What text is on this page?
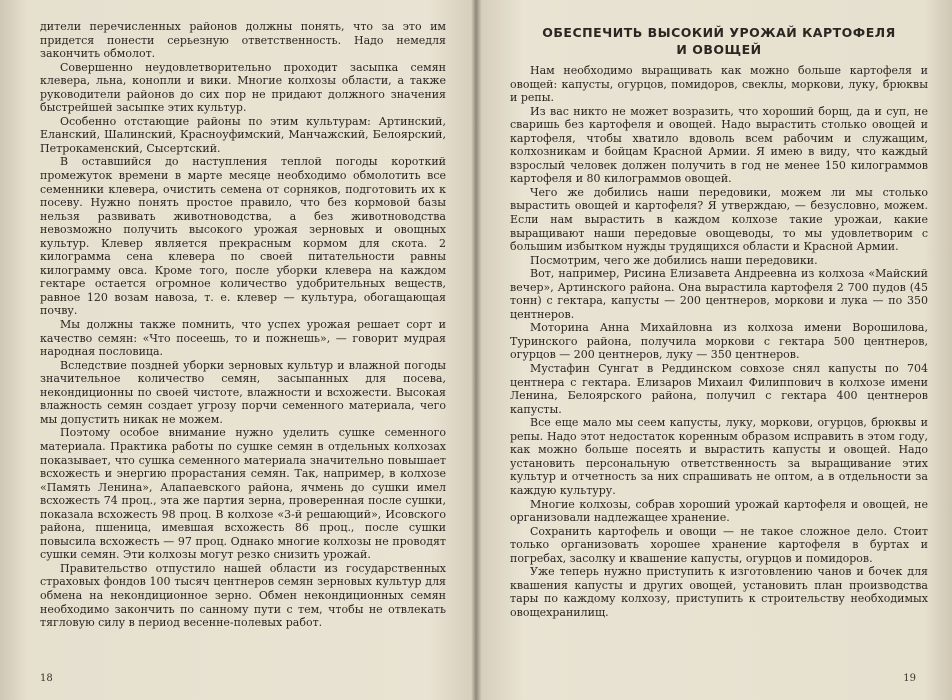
дители перечисленных районов должны понять, что за это им придется понести серьезную ответственность. Надо немедля закончить обмолот.

Совершенно неудовлетворительно проходит засыпка семян клевера, льна, конопли и вики. Многие колхозы области, а также руководители районов до сих пор не придают должного значения быстрейшей засыпке этих культур.

Особенно отстающие районы по этим культурам: Артинский, Еланский, Шалинский, Красноуфимский, Манчажский, Белоярский, Петрокаменский, Сысертский.

В оставшийся до наступления теплой погоды короткий промежуток времени в марте месяце необходимо обмолотить все семенники клевера, очистить семена от сорняков, подготовить их к посеву. Нужно понять простое правило, что без кормовой базы нельзя развивать животноводства, а без животноводства невозможно получить высокого урожая зерновых и овощных культур. Клевер является прекрасным кормом для скота. 2 килограмма сена клевера по своей питательности равны килограмму овса. Кроме того, после уборки клевера на каждом гектаре остается огромное количество удобрительных веществ, равное 120 возам навоза, т. е. клевер — культура, обогащающая почву.

Мы должны также помнить, что успех урожая решает сорт и качество семян: «Что посеешь, то и пожнешь», — говорит мудрая народная пословица.

Вследствие поздней уборки зерновых культур и влажной погоды значительное количество семян, засыпанных для посева, некондиционны по своей чистоте, влажности и всхожести. Высокая влажность семян создает угрозу порчи семенного материала, чего мы допустить никак не можем.

Поэтому особое внимание нужно уделить сушке семенного материала. Практика работы по сушке семян в отдельных колхозах показывает, что сушка семенного материала значительно повышает всхожесть и энергию прорастания семян. Так, например, в колхозе «Память Ленина», Алапаевского района, ячмень до сушки имел всхожесть 74 проц., эта же партия зерна, проверенная после сушки, показала всхожесть 98 проц. В колхозе «3-й решающий», Исовского района, пшеница, имевшая всхожесть 86 проц., после сушки повысила всхожесть — 97 проц. Однако многие колхозы не проводят сушки семян. Эти колхозы могут резко снизить урожай.

Правительство отпустило нашей области из государственных страховых фондов 100 тысяч центнеров семян зерновых культур для обмена на некондиционное зерно. Обмен некондиционных семян необходимо закончить по санному пути с тем, чтобы не отвлекать тягловую силу в период весенне-полевых работ.

18
ОБЕСПЕЧИТЬ ВЫСОКИЙ УРОЖАЙ КАРТОФЕЛЯ
И ОВОЩЕЙ

Нам необходимо выращивать как можно больше картофеля и овощей: капусты, огурцов, помидоров, свеклы, моркови, луку, брюквы и репы.

Из вас никто не может возразить, что хороший борщ, да и суп, не сваришь без картофеля и овощей. Надо вырастить столько овощей и картофеля, чтобы хватило вдоволь всем рабочим и служащим, колхозникам и бойцам Красной Армии. Я имею в виду, что каждый взрослый человек должен получить в год не менее 150 килограммов картофеля и 80 килограммов овощей.

Чего же добились наши передовики, можем ли мы столько вырастить овощей и картофеля? Я утверждаю, — безусловно, можем. Если нам вырастить в каждом колхозе такие урожаи, какие выращивают наши передовые овощеводы, то мы удовлетворим с большим избытком нужды трудящихся области и Красной Армии.

Посмотрим, чего же добились наши передовики.

Вот, например, Рисина Елизавета Андреевна из колхоза «Майский вечер», Артинского района. Она вырастила картофеля 2 700 пудов (45 тонн) с гектара, капусты — 200 центнеров, моркови и лука — по 350 центнеров.

Моторина Анна Михайловна из колхоза имени Ворошилова, Туринского района, получила моркови с гектара 500 центнеров, огурцов — 200 центнеров, луку — 350 центнеров.

Мустафин Сунгат в Реддинском совхозе снял капусты по 704 центнера с гектара. Елизаров Михаил Филиппович в колхозе имени Ленина, Белоярского района, получил с гектара 400 центнеров капусты.

Все еще мало мы сеем капусты, луку, моркови, огурцов, брюквы и репы. Надо этот недостаток коренным образом исправить в этом году, как можно больше посеять и вырастить капусты и овощей. Надо установить персональную ответственность за выращивание этих культур и отчетность за них спрашивать не оптом, а в отдельности за каждую культуру.

Многие колхозы, собрав хороший урожай картофеля и овощей, не организовали надлежащее хранение.

Сохранить картофель и овощи — не такое сложное дело. Стоит только организовать хорошее хранение картофеля в буртах и погребах, засолку и квашение капусты, огурцов и помидоров.

Уже теперь нужно приступить к изготовлению чанов и бочек для квашения капусты и других овощей, установить план производства тары по каждому колхозу, приступить к строительству необходимых овощехранилищ.

19
